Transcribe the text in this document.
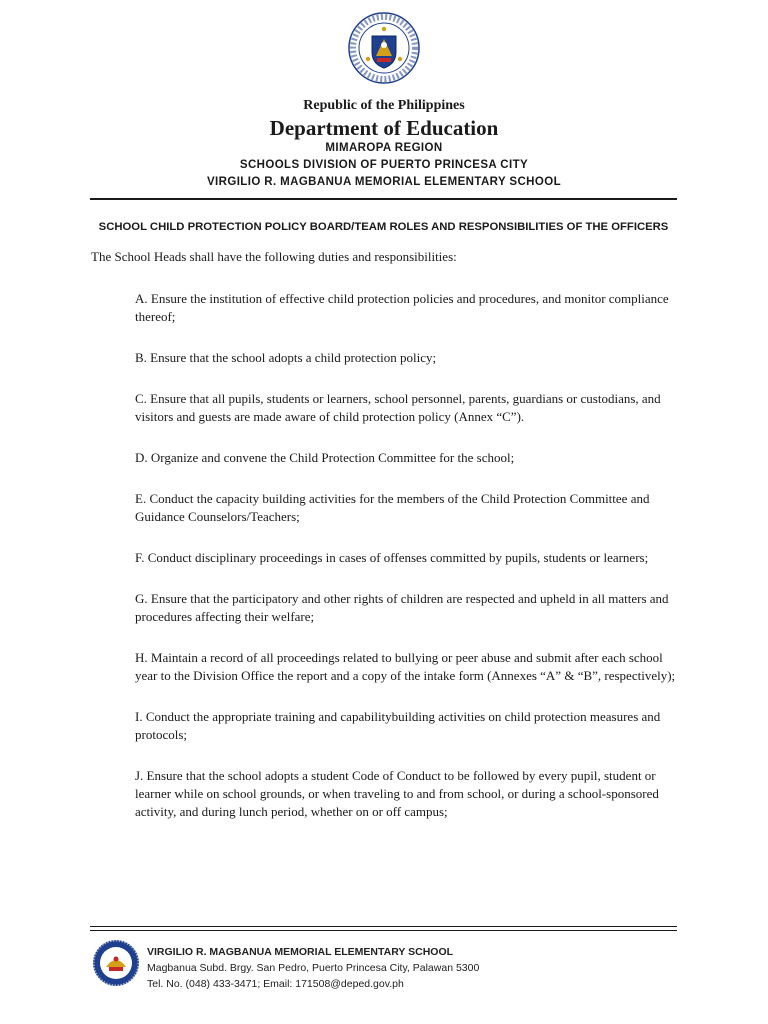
Republic of the Philippines
Department of Education
MIMAROPA REGION
SCHOOLS DIVISION OF PUERTO PRINCESA CITY
VIRGILIO R. MAGBANUA MEMORIAL ELEMENTARY SCHOOL
SCHOOL CHILD PROTECTION POLICY BOARD/TEAM ROLES AND RESPONSIBILITIES OF THE OFFICERS
The School Heads shall have the following duties and responsibilities:
A. Ensure the institution of effective child protection policies and procedures, and monitor compliance thereof;
B. Ensure that the school adopts a child protection policy;
C. Ensure that all pupils, students or learners, school personnel, parents, guardians or custodians, and visitors and guests are made aware of child protection policy (Annex “C”).
D. Organize and convene the Child Protection Committee for the school;
E. Conduct the capacity building activities for the members of the Child Protection Committee and Guidance Counselors/Teachers;
F. Conduct disciplinary proceedings in cases of offenses committed by pupils, students or learners;
G. Ensure that the participatory and other rights of children are respected and upheld in all matters and procedures affecting their welfare;
H. Maintain a record of all proceedings related to bullying or peer abuse and submit after each school year to the Division Office the report and a copy of the intake form (Annexes “A” & “B”, respectively);
I. Conduct the appropriate training and capabilitybuilding activities on child protection measures and protocols;
J. Ensure that the school adopts a student Code of Conduct to be followed by every pupil, student or learner while on school grounds, or when traveling to and from school, or during a school-sponsored activity, and during lunch period, whether on or off campus;
VIRGILIO R. MAGBANUA MEMORIAL ELEMENTARY SCHOOL
Magbanua Subd. Brgy. San Pedro, Puerto Princesa City, Palawan 5300
Tel. No. (048) 433-3471; Email: 171508@deped.gov.ph
